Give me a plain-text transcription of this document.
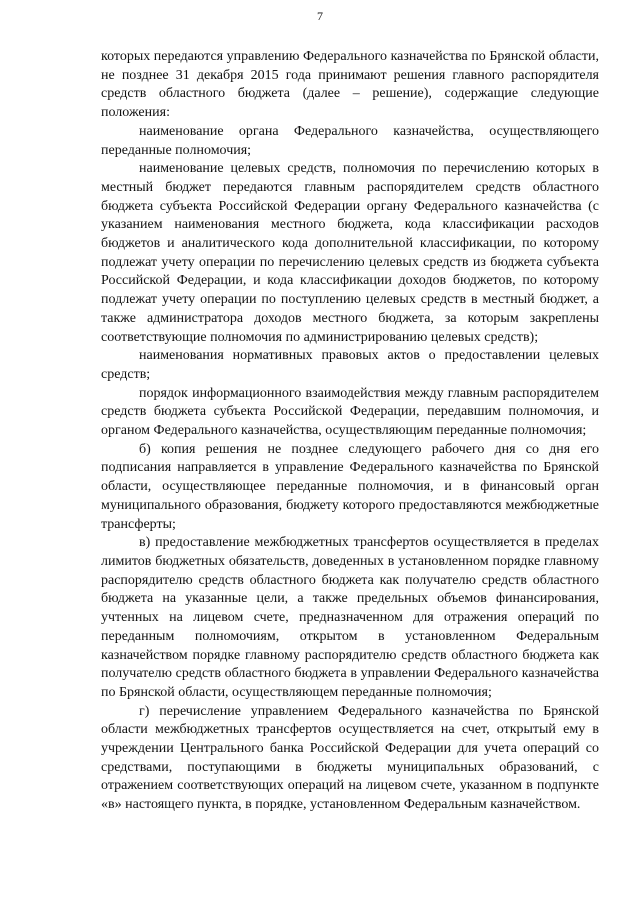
7

которых передаются управлению Федерального казначейства по Брянской области, не позднее 31 декабря 2015 года принимают решения главного распорядителя средств областного бюджета (далее – решение), содержащие следующие положения:

наименование органа Федерального казначейства, осуществляющего переданные полномочия;

наименование целевых средств, полномочия по перечислению которых в местный бюджет передаются главным распорядителем средств областного бюджета субъекта Российской Федерации органу Федерального казначейства (с указанием наименования местного бюджета, кода классификации расходов бюджетов и аналитического кода дополнительной классификации, по которому подлежат учету операции по перечислению целевых средств из бюджета субъекта Российской Федерации, и кода классификации доходов бюджетов, по которому подлежат учету операции по поступлению целевых средств в местный бюджет, а также администратора доходов местного бюджета, за которым закреплены соответствующие полномочия по администрированию целевых средств);

наименования нормативных правовых актов о предоставлении целевых средств;

порядок информационного взаимодействия между главным распорядителем средств бюджета субъекта Российской Федерации, передавшим полномочия, и органом Федерального казначейства, осуществляющим переданные полномочия;

б) копия решения не позднее следующего рабочего дня со дня его подписания направляется в управление Федерального казначейства по Брянской области, осуществляющее переданные полномочия, и в финансовый орган муниципального образования, бюджету которого предоставляются межбюджетные трансферты;

в) предоставление межбюджетных трансфертов осуществляется в пределах лимитов бюджетных обязательств, доведенных в установленном порядке главному распорядителю средств областного бюджета как получателю средств областного бюджета на указанные цели, а также предельных объемов финансирования, учтенных на лицевом счете, предназначенном для отражения операций по переданным полномочиям, открытом в установленном Федеральным казначейством порядке главному распорядителю средств областного бюджета как получателю средств областного бюджета в управлении Федерального казначейства по Брянской области, осуществляющем переданные полномочия;

г) перечисление управлением Федерального казначейства по Брянской области межбюджетных трансфертов осуществляется на счет, открытый ему в учреждении Центрального банка Российской Федерации для учета операций со средствами, поступающими в бюджеты муниципальных образований, с отражением соответствующих операций на лицевом счете, указанном в подпункте «в» настоящего пункта, в порядке, установленном Федеральным казначейством.
